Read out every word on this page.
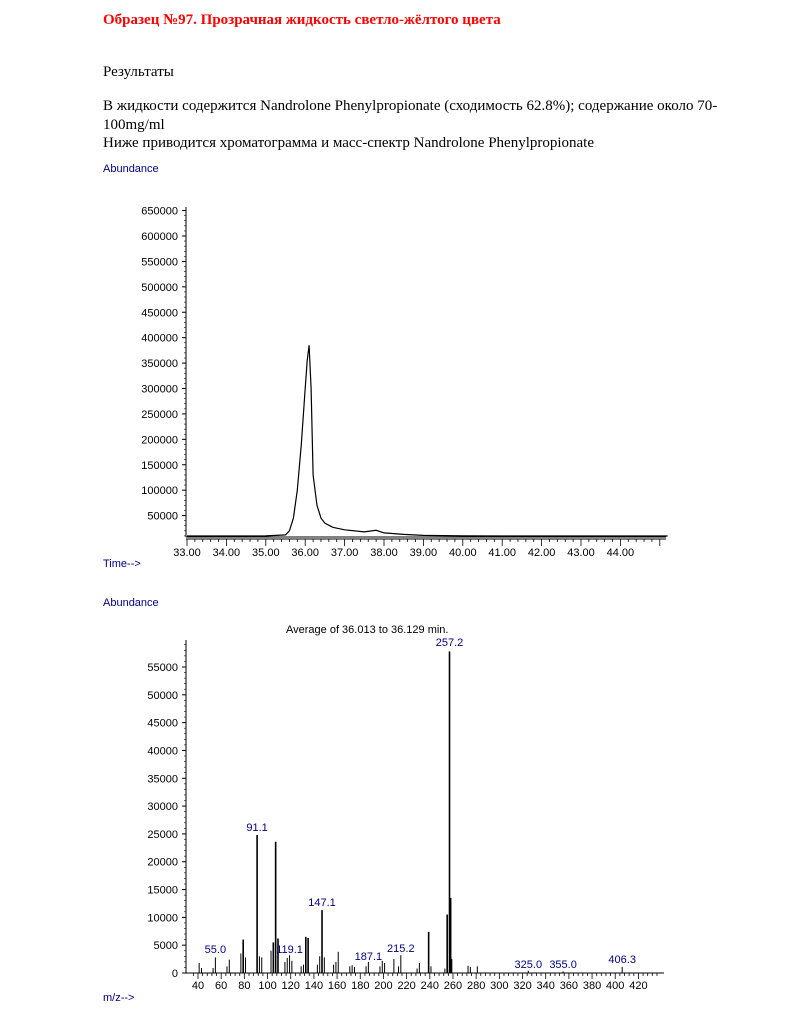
Образец №97. Прозрачная жидкость светло-жёлтого цвета
Результаты
В жидкости содержится Nandrolone Phenylpropionate (сходимость 62.8%); содержание около 70-
100mg/ml
Ниже приводится хроматограмма и масс-спектр Nandrolone Phenylpropionate
Abundance
Time-->
50000
100000
150000
200000
250000
300000
350000
400000
450000
500000
550000
600000
650000
33.00 34.00 35.00 36.00 37.00 38.00 39.00 40.00 41.00 42.00 43.00 44.00
Abundance
Average of 36.013 to 36.129 min.
m/z-->
0
5000
10000
15000
20000
25000
30000
35000
40000
45000
50000
55000
40 60 80 100 120 140 160 180 200 220 240 260 280 300 320 340 360 380 400 420
55.0
91.1
119.1
147.1
187.1
215.2
257.2
325.0 355.0	406.3
